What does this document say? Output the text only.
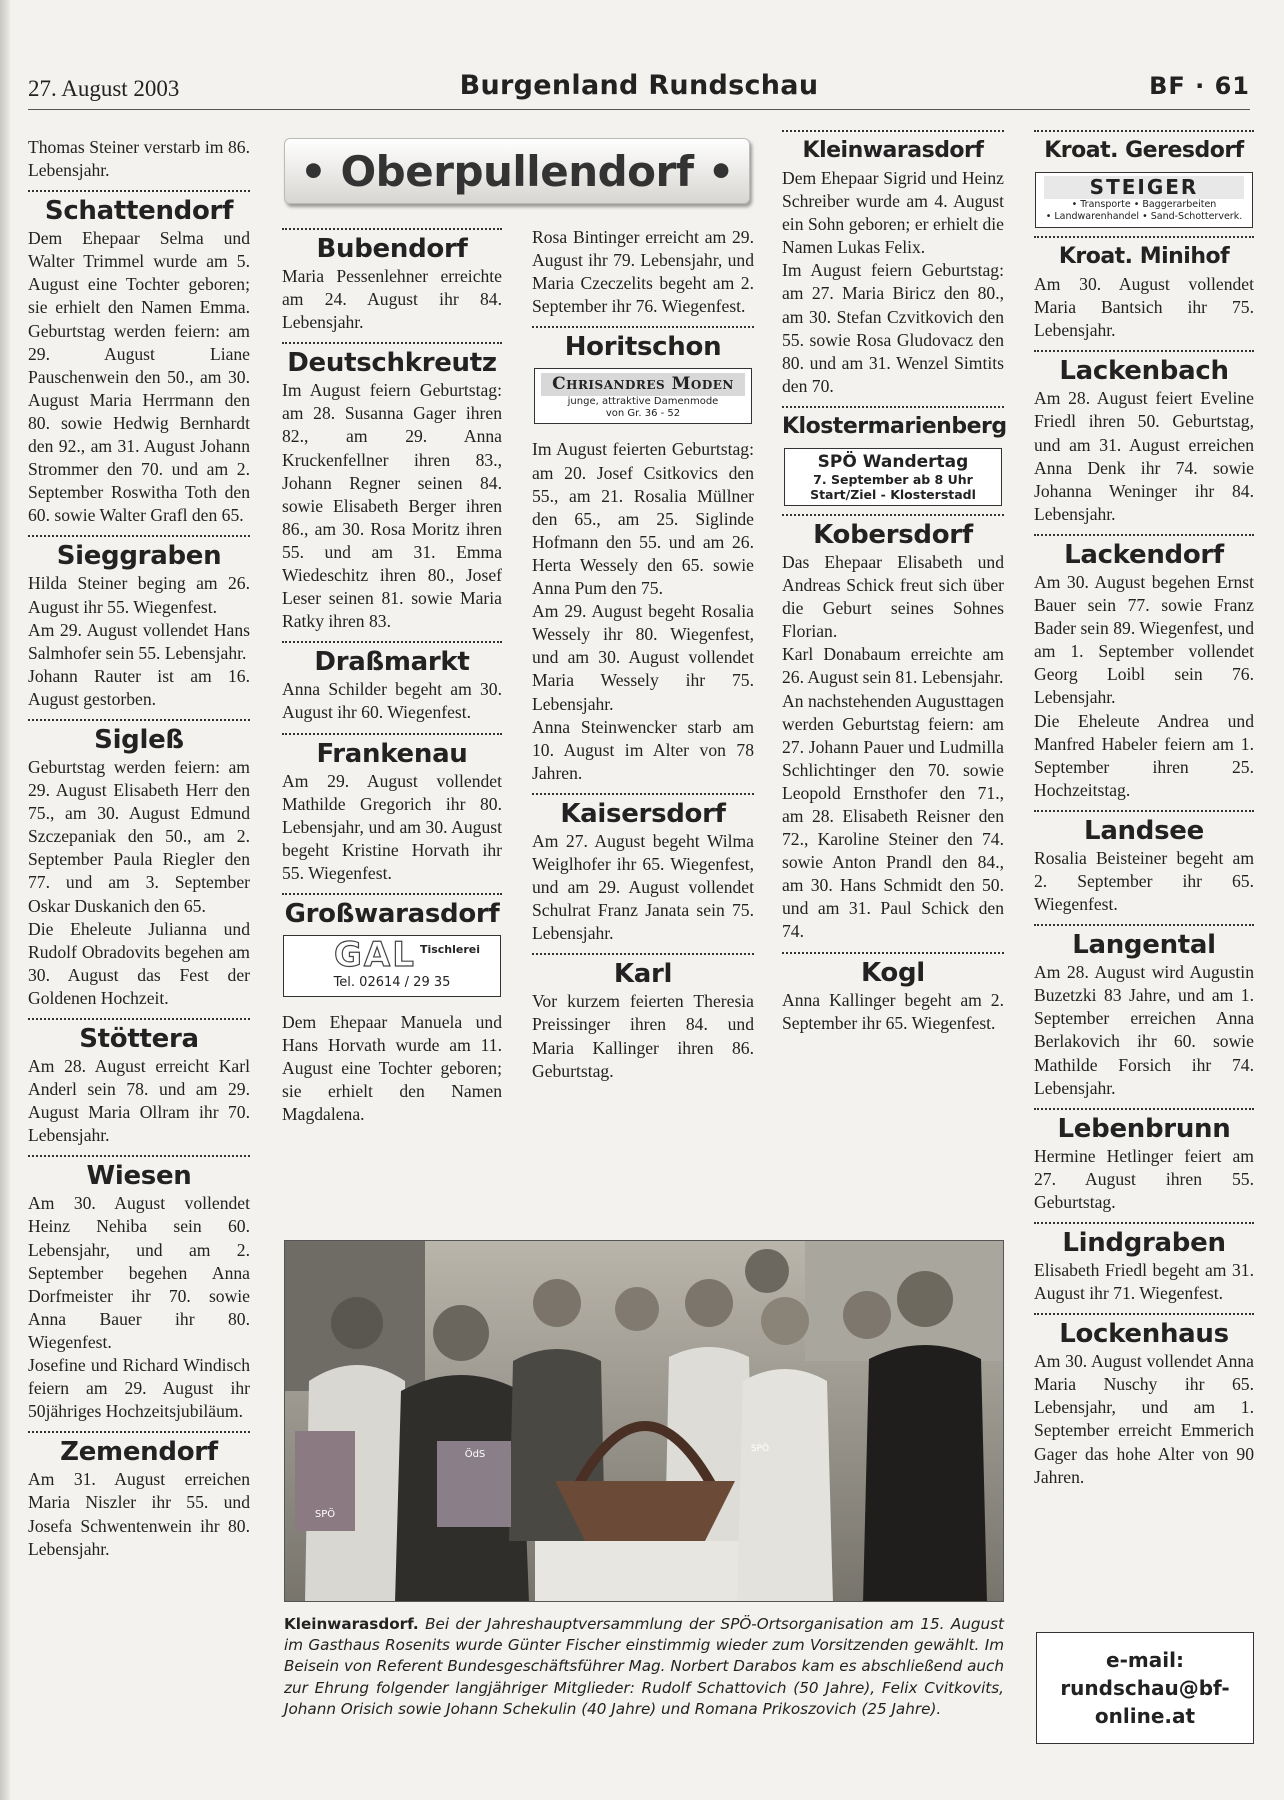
27. August 2003	Burgenland Rundschau	BF · 61
• Oberpullendorf •

Thomas Steiner verstarb im 86. Lebensjahr.

Schattendorf

Dem Ehepaar Selma und Walter Trimmel wurde am 5. August eine Tochter geboren; sie erhielt den Namen Emma. Geburtstag werden feiern: am 29. August Liane Pauschenwein den 50., am 30. August Maria Herrmann den 80. sowie Hedwig Bernhardt den 92., am 31. August Johann Strommer den 70. und am 2. September Roswitha Toth den 60. sowie Walter Grafl den 65.

Sieggraben

Hilda Steiner beging am 26. August ihr 55. Wiegenfest.

Am 29. August vollendet Hans Salmhofer sein 55. Lebensjahr.

Johann Rauter ist am 16. August gestorben.

Sigleß

Geburtstag werden feiern: am 29. August Elisabeth Herr den 75., am 30. August Edmund Szczepaniak den 50., am 2. September Paula Riegler den 77. und am 3. September Oskar Duskanich den 65.

Die Eheleute Julianna und Rudolf Obradovits begehen am 30. August das Fest der Goldenen Hochzeit.

Stöttera

Am 28. August erreicht Karl Anderl sein 78. und am 29. August Maria Ollram ihr 70. Lebensjahr.

Wiesen

Am 30. August vollendet Heinz Nehiba sein 60. Lebensjahr, und am 2. September begehen Anna Dorfmeister ihr 70. sowie Anna Bauer ihr 80. Wiegenfest.

Josefine und Richard Windisch feiern am 29. August ihr 50jähriges Hochzeitsjubiläum.

Zemendorf

Am 31. August erreichen Maria Niszler ihr 55. und Josefa Schwentenwein ihr 80. Lebensjahr.

Bubendorf

Maria Pessenlehner erreichte am 24. August ihr 84. Lebensjahr.

Deutschkreutz

Im August feiern Geburtstag: am 28. Susanna Gager ihren 82., am 29. Anna Kruckenfellner ihren 83., Johann Regner seinen 84. sowie Elisabeth Berger ihren 86., am 30. Rosa Moritz ihren 55. und am 31. Emma Wiedeschitz ihren 80., Josef Leser seinen 81. sowie Maria Ratky ihren 83.

Draßmarkt

Anna Schilder begeht am 30. August ihr 60. Wiegenfest.

Frankenau

Am 29. August vollendet Mathilde Gregorich ihr 80. Lebensjahr, und am 30. August begeht Kristine Horvath ihr 55. Wiegenfest.

Großwarasdorf
Tischlerei
GAL
Tel. 02614 / 29 35

Dem Ehepaar Manuela und Hans Horvath wurde am 11. August eine Tochter geboren; sie erhielt den Namen Magdalena.

Rosa Bintinger erreicht am 29. August ihr 79. Lebensjahr, und Maria Czeczelits begeht am 2. September ihr 76. Wiegenfest.

Horitschon
Chrisandres Moden
junge, attraktive Damenmode
von Gr. 36 - 52

Im August feierten Geburtstag: am 20. Josef Csitkovics den 55., am 21. Rosalia Müllner den 65., am 25. Siglinde Hofmann den 55. und am 26. Herta Wessely den 65. sowie Anna Pum den 75.

Am 29. August begeht Rosalia Wessely ihr 80. Wiegenfest, und am 30. August vollendet Maria Wessely ihr 75. Lebensjahr.

Anna Steinwencker starb am 10. August im Alter von 78 Jahren.

Kaisersdorf

Am 27. August begeht Wilma Weiglhofer ihr 65. Wiegenfest, und am 29. August vollendet Schulrat Franz Janata sein 75. Lebensjahr.

Karl

Vor kurzem feierten Theresia Preissinger ihren 84. und Maria Kallinger ihren 86. Geburtstag.

Kleinwarasdorf

Dem Ehepaar Sigrid und Heinz Schreiber wurde am 4. August ein Sohn geboren; er erhielt die Namen Lukas Felix.

Im August feiern Geburtstag: am 27. Maria Biricz den 80., am 30. Stefan Czvitkovich den 55. sowie Rosa Gludovacz den 80. und am 31. Wenzel Simtits den 70.

Klostermarienberg
SPÖ Wandertag
7. September ab 8 Uhr
Start/Ziel - Klosterstadl
Kobersdorf

Das Ehepaar Elisabeth und Andreas Schick freut sich über die Geburt seines Sohnes Florian.

Karl Donabaum erreichte am 26. August sein 81. Lebensjahr.

An nachstehenden Augusttagen werden Geburtstag feiern: am 27. Johann Pauer und Ludmilla Schlichtinger den 70. sowie Leopold Ernsthofer den 71., am 28. Elisabeth Reisner den 72., Karoline Steiner den 74. sowie Anton Prandl den 84., am 30. Hans Schmidt den 50. und am 31. Paul Schick den 74.

Kogl

Anna Kallinger begeht am 2. September ihr 65. Wiegenfest.

Kroat. Geresdorf
STEIGER
• Transporte • Baggerarbeiten
• Landwarenhandel • Sand-Schotterverk.
Kroat. Minihof

Am 30. August vollendet Maria Bantsich ihr 75. Lebensjahr.

Lackenbach

Am 28. August feiert Eveline Friedl ihren 50. Geburtstag, und am 31. August erreichen Anna Denk ihr 74. sowie Johanna Weninger ihr 84. Lebensjahr.

Lackendorf

Am 30. August begehen Ernst Bauer sein 77. sowie Franz Bader sein 89. Wiegenfest, und am 1. September vollendet Georg Loibl sein 76. Lebensjahr.

Die Eheleute Andrea und Manfred Habeler feiern am 1. September ihren 25. Hochzeitstag.

Landsee

Rosalia Beisteiner begeht am 2. September ihr 65. Wiegenfest.

Langental

Am 28. August wird Augustin Buzetzki 83 Jahre, und am 1. September erreichen Anna Berlakovich ihr 60. sowie Mathilde Forsich ihr 74. Lebensjahr.

Lebenbrunn

Hermine Hetlinger feiert am 27. August ihren 55. Geburtstag.

Lindgraben

Elisabeth Friedl begeht am 31. August ihr 71. Wiegenfest.

Lockenhaus

Am 30. August vollendet Anna Maria Nuschy ihr 65. Lebensjahr, und am 1. September erreicht Emmerich Gager das hohe Alter von 90 Jahren.

e-mail:
rundschau@bf-
online.at
SPÖ
ÖdS	SPÖ
Kleinwarasdorf. Bei der Jahreshauptversammlung der SPÖ-Ortsorganisation am 15. August im Gasthaus Rosenits wurde Günter Fischer einstimmig wieder zum Vorsitzenden gewählt. Im Beisein von Referent Bundesgeschäftsführer Mag. Norbert Darabos kam es abschließend auch zur Ehrung folgender langjähriger Mitglieder: Rudolf Schattovich (50 Jahre), Felix Cvitkovits, Johann Orisich sowie Johann Schekulin (40 Jahre) und Romana Prikoszovich (25 Jahre).
